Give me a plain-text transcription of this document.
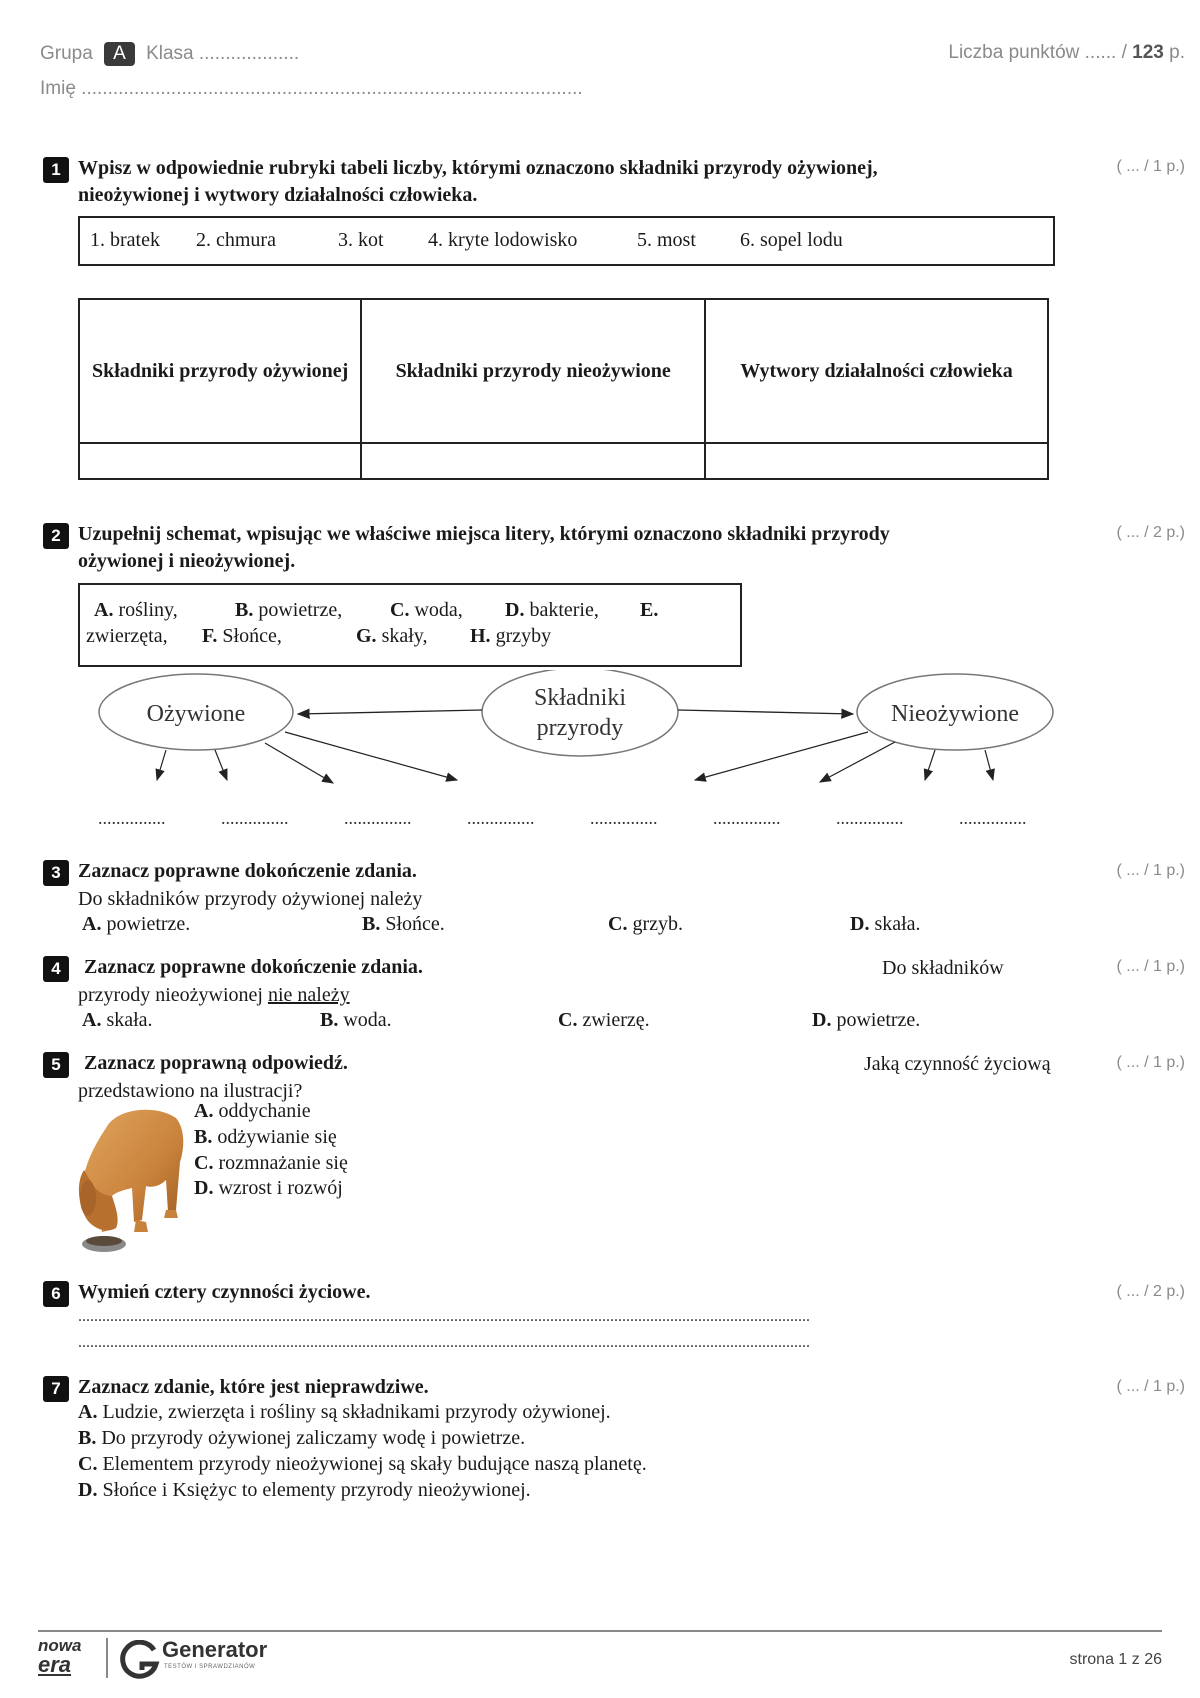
Grupa A Klasa ...................
Imię ...............................................................................................
Liczba punktów ...... / 123 p.
1 Wpisz w odpowiednie rubryki tabeli liczby, którymi oznaczono składniki przyrody ożywionej,
nieożywionej i wytwory działalności człowieka.
( ... / 1 p.)
1. bratek 2. chmura	3. kot 4. kryte lodowisko	5. most 6. sopel lodu
Składniki przyrody ożywionej	Składniki przyrody nieożywione	Wytwory działalności człowieka

2 Uzupełnij schemat, wpisując we właściwe miejsca litery, którymi oznaczono składniki przyrody
ożywionej i nieożywionej.
( ... / 2 p.)
A. rośliny,	B. powietrze, C. woda, D. bakterie, E.
zwierzęta, F. Słońce,	G. skały, H. grzyby
Ożywione
Składniki
przyrody
Nieożywione
...............	...............	...............	...............	...............	...............	...............	...............
3 Zaznacz poprawne dokończenie zdania.	( ... / 1 p.)
Do składników przyrody ożywionej należy
A. powietrze.	B. Słońce.	C. grzyb.	D. skała.
4	Zaznacz poprawne dokończenie zdania.	Do składników	( ... / 1 p.)
przyrody nieożywionej nie należy
A. skała.	B. woda.	C. zwierzę.	D. powietrze.
5	Zaznacz poprawną odpowiedź.	Jaką czynność życiową	( ... / 1 p.)
przedstawiono na ilustracji?
A. oddychanie
B. odżywianie się
C. rozmnażanie się
D. wzrost i rozwój
6 Wymień cztery czynności życiowe.	( ... / 2 p.)
.......................................................................................................................................................................................
.......................................................................................................................................................................................
7 Zaznacz zdanie, które jest nieprawdziwe.	( ... / 1 p.)
A. Ludzie, zwierzęta i rośliny są składnikami przyrody ożywionej.
B. Do przyrody ożywionej zaliczamy wodę i powietrze.
C. Elementem przyrody nieożywionej są skały budujące naszą planetę.
D. Słońce i Księżyc to elementy przyrody nieożywionej.
nowa
era
Generator
TESTÓW I SPRAWDZIANÓW	strona 1 z 26
